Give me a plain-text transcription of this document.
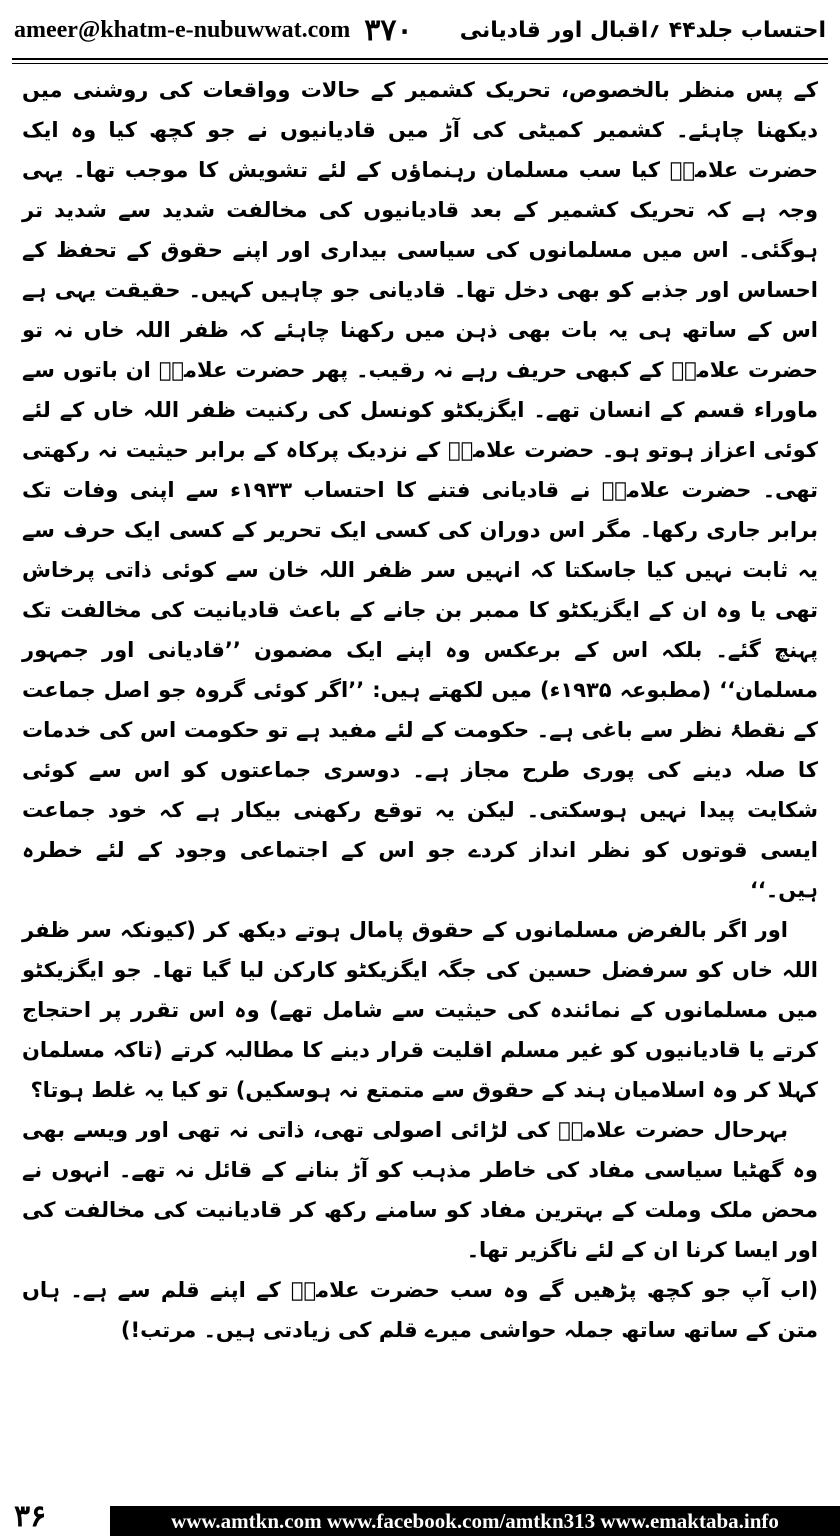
ameer@khatm-e-nubuwwat.com ۳۷۰ احتساب جلد۴۴ ؍اقبال اور قادیانی

کے پس منظر بالخصوص، تحریک کشمیر کے حالات وواقعات کی روشنی میں دیکھنا چاہئے۔ کشمیر کمیٹی کی آڑ میں قادیانیوں نے جو کچھ کیا وہ ایک حضرت علامہؒ کیا سب مسلمان رہنماؤں کے لئے تشویش کا موجب تھا۔ یہی وجہ ہے کہ تحریک کشمیر کے بعد قادیانیوں کی مخالفت شدید سے شدید تر ہوگئی۔ اس میں مسلمانوں کی سیاسی بیداری اور اپنے حقوق کے تحفظ کے احساس اور جذبے کو بھی دخل تھا۔ قادیانی جو چاہیں کہیں۔ حقیقت یہی ہے اس کے ساتھ ہی یہ بات بھی ذہن میں رکھنا چاہئے کہ ظفر اللہ خاں نہ تو حضرت علامہؒ کے کبھی حریف رہے نہ رقیب۔ پھر حضرت علامہؒ ان باتوں سے ماوراء قسم کے انسان تھے۔ ایگزیکٹو کونسل کی رکنیت ظفر اللہ خاں کے لئے کوئی اعزاز ہوتو ہو۔ حضرت علامہؒ کے نزدیک پرکاہ کے برابر حیثیت نہ رکھتی تھی۔ حضرت علامہؒ نے قادیانی فتنے کا احتساب ۱۹۳۳ء سے اپنی وفات تک برابر جاری رکھا۔ مگر اس دوران کی کسی ایک تحریر کے کسی ایک حرف سے یہ ثابت نہیں کیا جاسکتا کہ انہیں سر ظفر اللہ خان سے کوئی ذاتی پرخاش تھی یا وہ ان کے ایگزیکٹو کا ممبر بن جانے کے باعث قادیانیت کی مخالفت تک پہنچ گئے۔ بلکہ اس کے برعکس وہ اپنے ایک مضمون ’’قادیانی اور جمہور مسلمان‘‘ (مطبوعہ ۱۹۳۵ء) میں لکھتے ہیں: ’’اگر کوئی گروہ جو اصل جماعت کے نقطۂ نظر سے باغی ہے۔ حکومت کے لئے مفید ہے تو حکومت اس کی خدمات کا صلہ دینے کی پوری طرح مجاز ہے۔ دوسری جماعتوں کو اس سے کوئی شکایت پیدا نہیں ہوسکتی۔ لیکن یہ توقع رکھنی بیکار ہے کہ خود جماعت ایسی قوتوں کو نظر انداز کردے جو اس کے اجتماعی وجود کے لئے خطرہ ہیں۔‘‘

اور اگر بالفرض مسلمانوں کے حقوق پامال ہوتے دیکھ کر (کیونکہ سر ظفر اللہ خاں کو سرفضل حسین کی جگہ ایگزیکٹو کارکن لیا گیا تھا۔ جو ایگزیکٹو میں مسلمانوں کے نمائندہ کی حیثیت سے شامل تھے) وہ اس تقرر پر احتجاج کرتے یا قادیانیوں کو غیر مسلم اقلیت قرار دینے کا مطالبہ کرتے (تاکہ مسلمان کہلا کر وہ اسلامیان ہند کے حقوق سے متمتع نہ ہوسکیں) تو کیا یہ غلط ہوتا؟

بہرحال حضرت علامہؒ کی لڑائی اصولی تھی، ذاتی نہ تھی اور ویسے بھی وہ گھٹیا سیاسی مفاد کی خاطر مذہب کو آڑ بنانے کے قائل نہ تھے۔ انہوں نے محض ملک وملت کے بہترین مفاد کو سامنے رکھ کر قادیانیت کی مخالفت کی اور ایسا کرنا ان کے لئے ناگزیر تھا۔

(اب آپ جو کچھ پڑھیں گے وہ سب حضرت علامہؒ کے اپنے قلم سے ہے۔ ہاں متن کے ساتھ ساتھ جملہ حواشی میرے قلم کی زیادتی ہیں۔ مرتب!)

۳۶	www.amtkn.com www.facebook.com/amtkn313 www.emaktaba.info
